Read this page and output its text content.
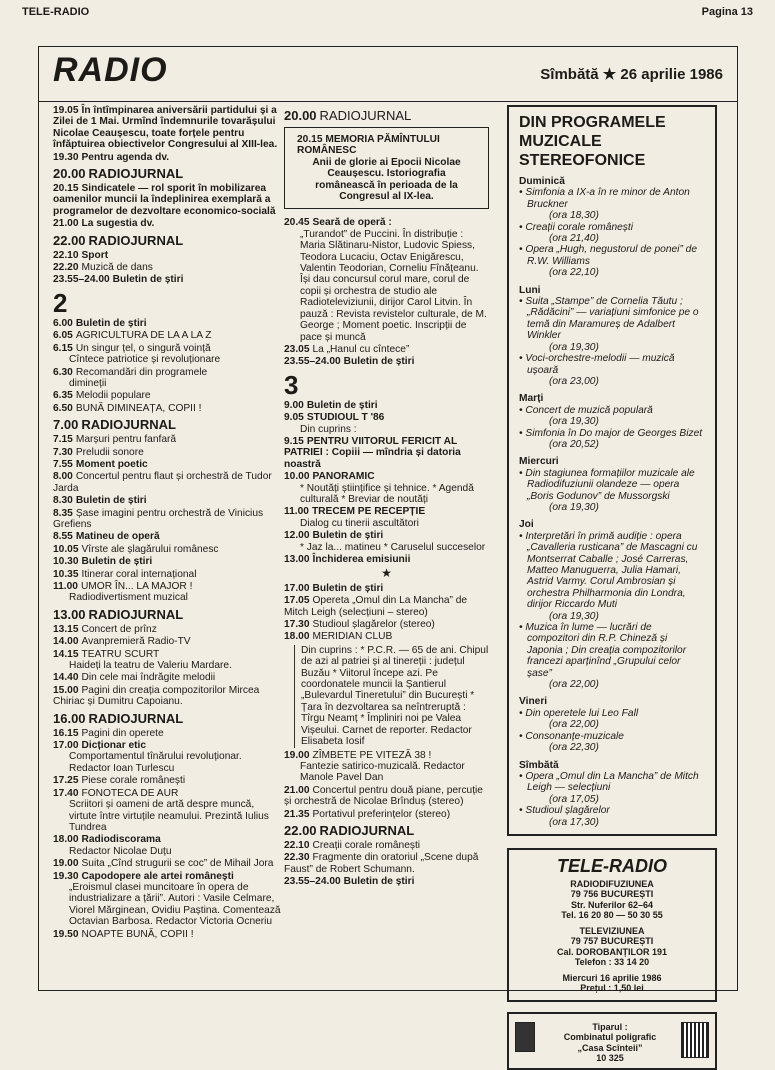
TELE-RADIO	Pagina 13
RADIO	Sîmbătă ★ 26 aprilie 1986
19.05 În întîmpinarea aniversării partidului și a Zilei de 1 Mai. Urmînd îndemnurile tovarășului Nicolae Ceaușescu, toate forțele pentru înfăptuirea obiectivelor Congresului al XIII-lea.
19.30 Pentru agenda dv.
20.00 RADIOJURNAL
20.15 Sindicatele — rol sporit în mobilizarea oamenilor muncii la îndeplinirea exemplară a programelor de dezvoltare economico-socială
21.00 La sugestia dv.
22.00 RADIOJURNAL
22.10 Sport
22.20 Muzică de dans
23.55–24.00 Buletin de știri
2
6.00 Buletin de știri
6.05 AGRICULTURA DE LA A LA Z
6.15 Un singur țel, o singură voință
Cîntece patriotice și revoluționare
6.30 Recomandări din programele
dimineții
6.35 Melodii populare
6.50 BUNĂ DIMINEAȚA, COPII !
7.00 RADIOJURNAL
7.15 Marșuri pentru fanfară
7.30 Preludii sonore
7.55 Moment poetic
8.00 Concertul pentru flaut și orchestră de Tudor Jarda
8.30 Buletin de știri
8.35 Șase imagini pentru orchestră de Vinicius Grefiens
8.55 Matineu de operă
10.05 Vîrste ale șlagărului românesc
10.30 Buletin de știri
10.35 Itinerar coral internațional
11.00 UMOR ÎN... LA MAJOR !
Radiodivertisment muzical
13.00 RADIOJURNAL
13.15 Concert de prînz
14.00 Avanpremieră Radio-TV
14.15 TEATRU SCURT
Haideți la teatru de Valeriu Mardare.
14.40 Din cele mai îndrăgite melodii
15.00 Pagini din creația compozitorilor Mircea Chiriac și Dumitru Capoianu.
16.00 RADIOJURNAL
16.15 Pagini din operete
17.00 Dicționar etic
Comportamentul tînărului revoluționar. Redactor Ioan Turlescu
17.25 Piese corale românești
17.40 FONOTECA DE AUR
Scriitori și oameni de artă despre muncă, virtute între virtuțile neamului. Prezintă Iulius Tundrea
18.00 Radiodiscorama
Redactor Nicolae Duțu
19.00 Suita „Cînd strugurii se coc” de Mihail Jora
19.30 Capodopere ale artei românești
„Eroismul clasei muncitoare în opera de industrializare a țării”. Autori : Vasile Celmare, Viorel Mărginean, Ovidiu Paștina. Comentează Octavian Barbosa. Redactor Victoria Ocneriu
19.50 NOAPTE BUNĂ, COPII !
20.00 RADIOJURNAL
20.15 MEMORIA PĂMÎNTULUI ROMÂNESC
Anii de glorie ai Epocii Nicolae Ceaușescu. Istoriografia românească în perioada de la Congresul al IX-lea.
20.45 Seară de operă :
„Turandot” de Puccini. În distribuție : Maria Slătinaru-Nistor, Ludovic Spiess, Teodora Lucaciu, Octav Enigărescu, Valentin Teodorian, Corneliu Fînățeanu. Își dau concursul corul mare, corul de copii și orchestra de studio ale Radioteleviziunii, dirijor Carol Litvin. În pauză : Revista revistelor culturale, de M. George ; Moment poetic. Inscripții de pace și muncă
23.05 La „Hanul cu cîntece”
23.55–24.00 Buletin de știri
3
9.00 Buletin de știri
9.05 STUDIOUL T '86
Din cuprins :
9.15 PENTRU VIITORUL FERICIT AL PATRIEI : Copiii — mîndria și datoria noastră
10.00 PANORAMIC
* Noutăți științifice și tehnice. * Agendă culturală * Breviar de noutăți
11.00 TRECEM PE RECEPȚIE
Dialog cu tinerii ascultători
12.00 Buletin de știri
* Jaz la... matineu * Caruselul succeselor
13.00 Închiderea emisiunii
★
17.00 Buletin de știri
17.05 Opereta „Omul din La Mancha” de Mitch Leigh (selecțiuni – stereo)
17.30 Studioul șlagărelor (stereo)
18.00 MERIDIAN CLUB
Din cuprins : * P.C.R. — 65 de ani. Chipul de azi al patriei și al tinereții : județul Buzău * Viitorul începe azi. Pe coordonatele muncii la Șantierul „Bulevardul Tineretului” din București * Țara în dezvoltarea sa neîntreruptă : Tîrgu Neamț * Împliniri noi pe Valea Vișeului. Carnet de reporter. Redactor Elisabeta Iosif
19.00 ZÎMBETE PE VITEZĂ 38 !
Fantezie satirico-muzicală. Redactor Manole Pavel Dan
21.00 Concertul pentru două piane, percuție și orchestră de Nicolae Brînduș (stereo)
21.35 Portativul preferințelor (stereo)
22.00 RADIOJURNAL
22.10 Creații corale românești
22.30 Fragmente din oratoriul „Scene după Faust” de Robert Schumann.
23.55–24.00 Buletin de știri
DIN PROGRAMELE MUZICALE STEREOFONICE
Duminică
• Simfonia a IX-a în re minor de Anton Bruckner
(ora 18,30)
• Creații corale românești
(ora 21,40)
• Opera „Hugh, negustorul de ponei” de R.W. Williams
(ora 22,10)
Luni
• Suita „Stampe” de Cornelia Tăutu ; „Rădăcini” — variațiuni simfonice pe o temă din Maramureș de Adalbert Winkler
(ora 19,30)
• Voci-orchestre-melodii — muzică ușoară
(ora 23,00)
Marți
• Concert de muzică populară
(ora 19,30)
• Simfonia în Do major de Georges Bizet
(ora 20,52)
Miercuri
• Din stagiunea formațiilor muzicale ale Radiodifuziunii olandeze — opera „Boris Godunov” de Mussorgski
(ora 19,30)
Joi
• Interpretări în primă audiție : opera „Cavalleria rusticana” de Mascagni cu Montserrat Caballe ; José Carreras, Matteo Manuguerra, Julia Hamari, Astrid Varmy. Corul Ambrosian și orchestra Philharmonia din Londra, dirijor Riccardo Muti
(ora 19,30)
• Muzica în lume — lucrări de compozitori din R.P. Chineză și Japonia ; Din creația compozitorilor francezi aparținînd „Grupului celor șase”
(ora 22,00)
Vineri
• Din operetele lui Leo Fall
(ora 22,00)
• Consonanțe-muzicale
(ora 22,30)
Sîmbătă
• Opera „Omul din La Mancha” de Mitch Leigh — selecțiuni
(ora 17,05)
• Studioul șlagărelor
(ora 17,30)
TELE-RADIO
RADIODIFUZIUNEA
79 756 BUCUREȘTI
Str. Nuferilor 62–64
Tel. 16 20 80 — 50 30 55
TELEVIZIUNEA
79 757 BUCUREȘTI
Cal. DOROBANȚILOR 191
Telefon : 33 14 20
Miercuri 16 aprilie 1986
Prețul : 1,50 lei
Tiparul :
Combinatul poligrafic
„Casa Scînteii”
10 325
